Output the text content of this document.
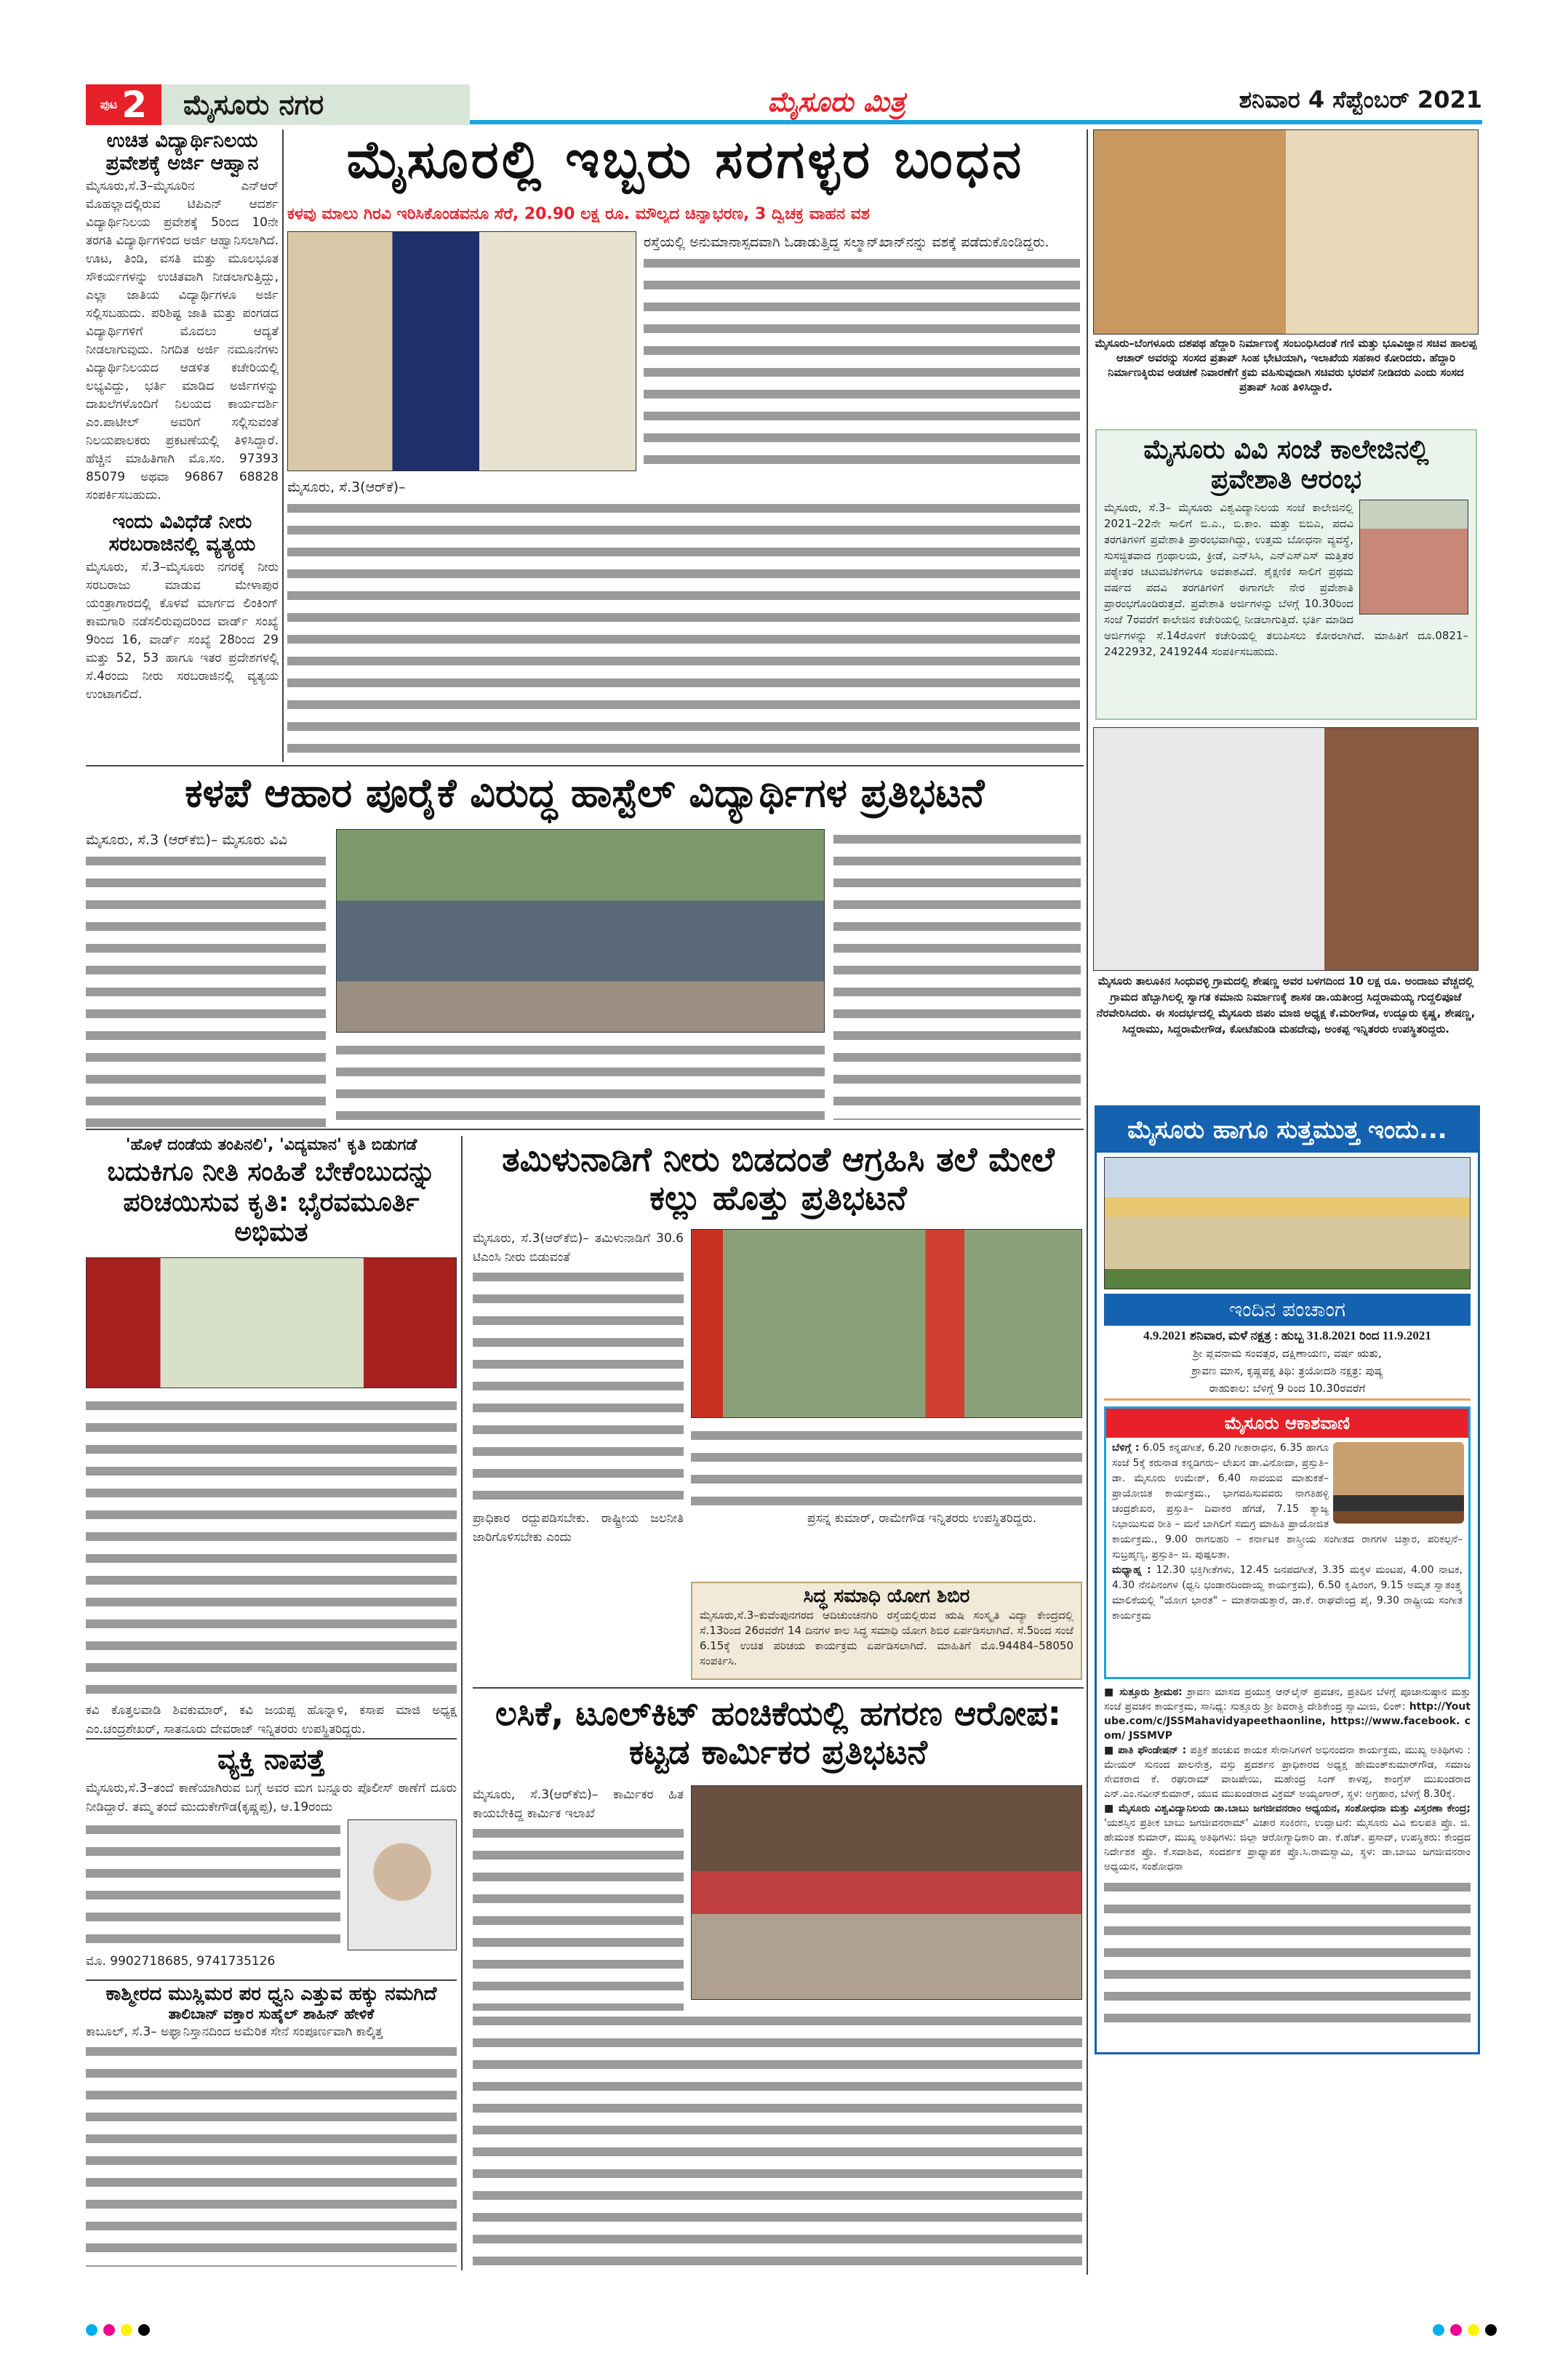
ಪುಟ 2 ಮೈಸೂರು ನಗರ	ಮೈಸೂರು ಮಿತ್ರ	ಶನಿವಾರ 4 ಸೆಪ್ಟೆಂಬರ್ 2021
ಉಚಿತ ವಿದ್ಯಾರ್ಥಿನಿಲಯ ಪ್ರವೇಶಕ್ಕೆ ಅರ್ಜಿ ಆಹ್ವಾನ
ಮೈಸೂರು,ಸೆ.3–ಮೈಸೂರಿನ ಎನ್‌ಆರ್ ಮೊಹಲ್ಲಾದಲ್ಲಿರುವ ಟಿಪಿಎನ್ ಆದರ್ಶ ವಿದ್ಯಾರ್ಥಿನಿಲಯ ಪ್ರವೇಶಕ್ಕೆ 5ರಿಂದ 10ನೇ ತರಗತಿ ವಿದ್ಯಾರ್ಥಿಗಳಿಂದ ಅರ್ಜಿ ಆಹ್ವಾನಿಸಲಾಗಿದೆ. ಊಟ, ತಿಂಡಿ, ವಸತಿ ಮತ್ತು ಮೂಲಭೂತ ಸೌಕರ್ಯಗಳನ್ನು ಉಚಿತವಾಗಿ ನೀಡಲಾಗುತ್ತಿದ್ದು, ಎಲ್ಲಾ ಜಾತಿಯ ವಿದ್ಯಾರ್ಥಿಗಳೂ ಅರ್ಜಿ ಸಲ್ಲಿಸಬಹುದು. ಪರಿಶಿಷ್ಟ ಜಾತಿ ಮತ್ತು ಪಂಗಡದ ವಿದ್ಯಾರ್ಥಿಗಳಿಗೆ ಮೊದಲು ಆದ್ಯತೆ ನೀಡಲಾಗುವುದು. ನಿಗದಿತ ಅರ್ಜಿ ನಮೂನೆಗಳು ವಿದ್ಯಾರ್ಥಿನಿಲಯದ ಆಡಳಿತ ಕಚೇರಿಯಲ್ಲಿ ಲಭ್ಯವಿದ್ದು, ಭರ್ತಿ ಮಾಡಿದ ಅರ್ಜಿಗಳನ್ನು ದಾಖಲೆಗಳೊಂದಿಗೆ ನಿಲಯದ ಕಾರ್ಯದರ್ಶಿ ಎಂ.ಪಾಟೀಲ್ ಅವರಿಗೆ ಸಲ್ಲಿಸುವಂತೆ ನಿಲಯಪಾಲಕರು ಪ್ರಕಟಣೆಯಲ್ಲಿ ತಿಳಿಸಿದ್ದಾರೆ. ಹೆಚ್ಚಿನ ಮಾಹಿತಿಗಾಗಿ ಮೊ.ಸಂ. 97393 85079 ಅಥವಾ 96867 68828 ಸಂಪರ್ಕಿಸಬಹುದು.
ಇಂದು ವಿವಿಧೆಡೆ ನೀರು ಸರಬರಾಜಿನಲ್ಲಿ ವ್ಯತ್ಯಯ
ಮೈಸೂರು, ಸೆ.3–ಮೈಸೂರು ನಗರಕ್ಕೆ ನೀರು ಸರಬರಾಜು ಮಾಡುವ ಮೇಳಾಪುರ ಯಂತ್ರಾಗಾರದಲ್ಲಿ ಕೊಳವೆ ಮಾರ್ಗದ ಲಿಂಕಿಂಗ್ ಕಾಮಗಾರಿ ನಡೆಸಲಿರುವುದರಿಂದ ವಾರ್ಡ್ ಸಂಖ್ಯೆ 9ರಿಂದ 16, ವಾರ್ಡ್ ಸಂಖ್ಯೆ 28ರಿಂದ 29 ಮತ್ತು 52, 53 ಹಾಗೂ ಇತರ ಪ್ರದೇಶಗಳಲ್ಲಿ ಸೆ.4ರಂದು ನೀರು ಸರಬರಾಜಿನಲ್ಲಿ ವ್ಯತ್ಯಯ ಉಂಟಾಗಲಿದೆ.
ಮೈಸೂರಲ್ಲಿ ಇಬ್ಬರು ಸರಗಳ್ಳರ ಬಂಧನ
ಕಳವು ಮಾಲು ಗಿರವಿ ಇರಿಸಿಕೊಂಡವನೂ ಸೆರೆ, 20.90 ಲಕ್ಷ ರೂ. ಮೌಲ್ಯದ ಚಿನ್ನಾಭರಣ, 3 ದ್ವಿಚಕ್ರ ವಾಹನ ವಶ
ರಸ್ತೆಯಲ್ಲಿ ಅನುಮಾನಾಸ್ಪದವಾಗಿ ಓಡಾಡುತ್ತಿದ್ದ ಸಲ್ಮಾನ್‌ಖಾನ್‌ನನ್ನು ವಶಕ್ಕೆ ಪಡೆದುಕೊಂಡಿದ್ದರು.
ಮೈಸೂರು, ಸೆ.3(ಆರ್‌ಕೆ)–
ಕಳಪೆ ಆಹಾರ ಪೂರೈಕೆ ವಿರುದ್ಧ ಹಾಸ್ಟೆಲ್ ವಿದ್ಯಾರ್ಥಿಗಳ ಪ್ರತಿಭಟನೆ
ಮೈಸೂರು, ಸೆ.3 (ಆರ್‌ಕೆಬಿ)– ಮೈಸೂರು ವಿವಿ
'ಹೊಳೆ ದಂಡೆಯ ತಂಪಿನಲಿ', 'ವಿದ್ಯಮಾನ' ಕೃತಿ ಬಿಡುಗಡೆ
ಬದುಕಿಗೂ ನೀತಿ ಸಂಹಿತೆ ಬೇಕೆಂಬುದನ್ನು ಪರಿಚಯಿಸುವ ಕೃತಿ: ಭೈರವಮೂರ್ತಿ ಅಭಿಮತ
ಕವಿ ಕೊತ್ತಲವಾಡಿ ಶಿವಕುಮಾರ್, ಕವಿ ಜಯಪ್ಪ ಹೊನ್ನಾಳಿ, ಕಸಾಪ ಮಾಜಿ ಅಧ್ಯಕ್ಷ ಎಂ.ಚಂದ್ರಶೇಖರ್, ಸಾತನೂರು ದೇವರಾಜ್ ಇನ್ನಿತರರು ಉಪಸ್ಥಿತರಿದ್ದರು.
ವ್ಯಕ್ತಿ ನಾಪತ್ತೆ
ಮೈಸೂರು,ಸೆ.3–ತಂದೆ ಕಾಣೆಯಾಗಿರುವ ಬಗ್ಗೆ ಅವರ ಮಗ ಬನ್ನೂರು ಪೊಲೀಸ್ ಠಾಣೆಗೆ ದೂರು ನೀಡಿದ್ದಾರೆ. ತಮ್ಮ ತಂದೆ ಮುದುಕೇಗೌಡ(ಕೃಷ್ಣಪ್ಪ), ಆ.19ರಂದು
ಮೊ. 9902718685, 9741735126
ಕಾಶ್ಮೀರದ ಮುಸ್ಲಿಮರ ಪರ ಧ್ವನಿ ಎತ್ತುವ ಹಕ್ಕು ನಮಗಿದೆ
ತಾಲಿಬಾನ್ ವಕ್ತಾರ ಸುಹೈಲ್ ಶಾಹಿನ್ ಹೇಳಿಕೆ
ಕಾಬೂಲ್, ಸೆ.3– ಅಫ್ಘಾನಿಸ್ತಾನದಿಂದ ಅಮೆರಿಕ ಸೇನೆ ಸಂಪೂರ್ಣವಾಗಿ ಕಾಲ್ಕಿತ್ತ
ತಮಿಳುನಾಡಿಗೆ ನೀರು ಬಿಡದಂತೆ ಆಗ್ರಹಿಸಿ ತಲೆ ಮೇಲೆ ಕಲ್ಲು ಹೊತ್ತು ಪ್ರತಿಭಟನೆ
ಮೈಸೂರು, ಸೆ.3(ಆರ್‌ಕೆಬಿ)– ತಮಿಳುನಾಡಿಗೆ 30.6 ಟಿಎಂಸಿ ನೀರು ಬಿಡುವಂತೆ
ಪ್ರಾಧಿಕಾರ ರದ್ದುಪಡಿಸಬೇಕು. ರಾಷ್ಟ್ರೀಯ ಜಲನೀತಿ ಜಾರಿಗೊಳಿಸಬೇಕು ಎಂದು
ಪ್ರಸನ್ನ ಕುಮಾರ್, ರಾಮೇಗೌಡ ಇನ್ನಿತರರು ಉಪಸ್ಥಿತರಿದ್ದರು.
ಸಿದ್ಧ ಸಮಾಧಿ ಯೋಗ ಶಿಬಿರ
ಮೈಸೂರು,ಸೆ.3–ಕುವೆಂಪುನಗರದ ಆದಿಚುಂಚನಗಿರಿ ರಸ್ತೆಯಲ್ಲಿರುವ ಋಷಿ ಸಂಸ್ಕೃತಿ ವಿದ್ಯಾ ಕೇಂದ್ರದಲ್ಲಿ ಸೆ.13ರಿಂದ 26ರವರೆಗೆ 14 ದಿನಗಳ ಕಾಲ ಸಿದ್ಧ ಸಮಾಧಿ ಯೋಗ ಶಿಬಿರ ಏರ್ಪಡಿಸಲಾಗಿದೆ. ಸೆ.5ರಿಂದ ಸಂಜೆ 6.15ಕ್ಕೆ ಉಚಿತ ಪರಿಚಯ ಕಾರ್ಯಕ್ರಮ ಏರ್ಪಡಿಸಲಾಗಿದೆ. ಮಾಹಿತಿಗೆ ಮೊ.94484–58050 ಸಂಪರ್ಕಿಸಿ.
ಲಸಿಕೆ, ಟೂಲ್‌ಕಿಟ್ ಹಂಚಿಕೆಯಲ್ಲಿ ಹಗರಣ ಆರೋಪ: ಕಟ್ಟಡ ಕಾರ್ಮಿಕರ ಪ್ರತಿಭಟನೆ
ಮೈಸೂರು, ಸೆ.3(ಆರ್‌ಕೆಬಿ)– ಕಾರ್ಮಿಕರ ಹಿತ ಕಾಯಬೇಕಿದ್ದ ಕಾರ್ಮಿಕ ಇಲಾಖೆ
ಮೈಸೂರು–ಬೆಂಗಳೂರು ದಶಪಥ ಹೆದ್ದಾರಿ ನಿರ್ಮಾಣಕ್ಕೆ ಸಂಬಂಧಿಸಿದಂತೆ ಗಣಿ ಮತ್ತು ಭೂವಿಜ್ಞಾನ ಸಚಿವ ಹಾಲಪ್ಪ ಆಚಾರ್ ಅವರನ್ನು ಸಂಸದ ಪ್ರತಾಪ್ ಸಿಂಹ ಭೇಟಿಯಾಗಿ, ಇಲಾಖೆಯ ಸಹಕಾರ ಕೋರಿದರು. ಹೆದ್ದಾರಿ ನಿರ್ಮಾಣಕ್ಕಿರುವ ಅಡಚಣೆ ನಿವಾರಣೆಗೆ ಕ್ರಮ ವಹಿಸುವುದಾಗಿ ಸಚಿವರು ಭರವಸೆ ನೀಡಿದರು ಎಂದು ಸಂಸದ ಪ್ರತಾಪ್ ಸಿಂಹ ತಿಳಿಸಿದ್ದಾರೆ.
ಮೈಸೂರು ವಿವಿ ಸಂಜೆ ಕಾಲೇಜಿನಲ್ಲಿ ಪ್ರವೇಶಾತಿ ಆರಂಭ
ಮೈಸೂರು, ಸೆ.3– ಮೈಸೂರು ವಿಶ್ವವಿದ್ಯಾನಿಲಯ ಸಂಜೆ ಕಾಲೇಜಿನಲ್ಲಿ 2021–22ನೇ ಸಾಲಿಗೆ ಬಿ.ಎ., ಬಿ.ಕಾಂ. ಮತ್ತು ಬಿಬಿಎ, ಪದವಿ ತರಗತಿಗಳಿಗೆ ಪ್ರವೇಶಾತಿ ಪ್ರಾರಂಭವಾಗಿದ್ದು, ಉತ್ತಮ ಬೋಧನಾ ವ್ಯವಸ್ಥೆ, ಸುಸಜ್ಜಿತವಾದ ಗ್ರಂಥಾಲಯ, ಕ್ರೀಡೆ, ಎನ್‌ಸಿಸಿ, ಎನ್‌ಎಸ್‌ಎಸ್ ಮತ್ತಿತರ ಪಠ್ಯೇತರ ಚಟುವಟಿಕೆಗಳಿಗೂ ಅವಕಾಶವಿದೆ. ಶೈಕ್ಷಣಿಕ ಸಾಲಿಗೆ ಪ್ರಥಮ ವರ್ಷದ ಪದವಿ ತರಗತಿಗಳಿಗೆ ಈಗಾಗಲೇ ನೇರ ಪ್ರವೇಶಾತಿ ಪ್ರಾರಂಭಗೊಂಡಿರುತ್ತದೆ. ಪ್ರವೇಶಾತಿ ಅರ್ಜಿಗಳನ್ನು ಬೆಳಗ್ಗೆ 10.30ರಿಂದ ಸಂಜೆ 7ರವರೆಗೆ ಕಾಲೇಜಿನ ಕಚೇರಿಯಲ್ಲಿ ನೀಡಲಾಗುತ್ತಿದೆ. ಭರ್ತಿ ಮಾಡಿದ ಅರ್ಜಿಗಳನ್ನು ಸೆ.14ರೊಳಗೆ ಕಚೇರಿಯಲ್ಲಿ ತಲುಪಿಸಲು ಕೋರಲಾಗಿದೆ. ಮಾಹಿತಿಗೆ ದೂ.0821–2422932, 2419244 ಸಂಪರ್ಕಿಸಬಹುದು.
ಮೈಸೂರು ತಾಲೂಕಿನ ಸಿಂಧುವಳ್ಳಿ ಗ್ರಾಮದಲ್ಲಿ ಶೇಷಣ್ಣ ಅವರ ಬಳಗದಿಂದ 10 ಲಕ್ಷ ರೂ. ಅಂದಾಜು ವೆಚ್ಚದಲ್ಲಿ ಗ್ರಾಮದ ಹೆಬ್ಬಾಗಿಲಲ್ಲಿ ಸ್ವಾಗತ ಕಮಾನು ನಿರ್ಮಾಣಕ್ಕೆ ಶಾಸಕ ಡಾ.ಯತೀಂದ್ರ ಸಿದ್ದರಾಮಯ್ಯ ಗುದ್ದಲಿಪೂಜೆ ನೆರವೇರಿಸಿದರು. ಈ ಸಂದರ್ಭದಲ್ಲಿ ಮೈಸೂರು ಜಿಪಂ ಮಾಜಿ ಅಧ್ಯಕ್ಷ ಕೆ.ಮರೀಗೌಡ, ಉದ್ಬೂರು ಕೃಷ್ಣ, ಶೇಷಣ್ಣ, ಸಿದ್ದರಾಮು, ಸಿದ್ದರಾಮೇಗೌಡ, ಕೋಟೆಹುಂಡಿ ಮಹದೇವು, ಅಂಕಪ್ಪ ಇನ್ನಿತರರು ಉಪಸ್ಥಿತರಿದ್ದರು.
ಮೈಸೂರು ಹಾಗೂ ಸುತ್ತಮುತ್ತ ಇಂದು...
ಇಂದಿನ ಪಂಚಾಂಗ
4.9.2021 ಶನಿವಾರ, ಮಳೆ ನಕ್ಷತ್ರ : ಹುಬ್ಬ 31.8.2021 ರಿಂದ 11.9.2021
ಶ್ರೀ ಪ್ಲವನಾಮ ಸಂವತ್ಸರ, ದಕ್ಷಿಣಾಯಣ, ವರ್ಷ ಋತು,
ಶ್ರಾವಣ ಮಾಸ, ಕೃಷ್ಣಪಕ್ಷ ತಿಥಿ: ತ್ರಯೋದಶಿ ನಕ್ಷತ್ರ: ಪುಷ್ಯ
ರಾಹುಕಾಲ: ಬೆಳಿಗ್ಗೆ 9 ರಿಂದ 10.30ರವರೆಗೆ
ಮೈಸೂರು ಆಕಾಶವಾಣಿ
ಬೆಳಿಗ್ಗೆ : 6.05 ಕನ್ನಡಗೀತೆ, 6.20 ಗೀತಾರಾಧನ, 6.35 ಹಾಗೂ ಸಂಜೆ 5ಕ್ಕೆ ಕರುನಾಡ ಕನ್ನಡಿಗರು– ಲೇಖನ ಡಾ.ವಿನೋದಾ, ಪ್ರಸ್ತುತಿ– ಡಾ. ಮೈಸೂರು ಉಮೇಶ್, 6.40 ಸಾವಯವ ಮಾತುಕತೆ– ಪ್ರಾಯೋಜಿತ ಕಾರ್ಯಕ್ರಮ., ಭಾಗವಹಿಸುವವರು ನಾಗತಿಹಳ್ಳಿ ಚಂದ್ರಶೇಖರ, ಪ್ರಸ್ತುತಿ– ದಿವಾಕರ ಹೆಗಡೆ, 7.15 ತ್ಯಾಜ್ಯ ನಿಭಾಯಿಸುವ ರೀತಿ – ಮನೆ ಬಾಗಿಲಿಗೆ ಸಮಗ್ರ ಮಾಹಿತಿ ಪ್ರಾಯೋಜಿತ ಕಾರ್ಯಕ್ರಮ., 9.00 ರಾಗಲಹರಿ – ಕರ್ನಾಟಕ ಶಾಸ್ತ್ರೀಯ ಸಂಗೀತದ ರಾಗಗಳ ಚಿತ್ತಾರ, ಪರಿಕಲ್ಪನೆ– ಸುಬ್ರಹ್ಮಣ್ಯ, ಪ್ರಸ್ತುತಿ– ಜಿ. ಪುಷ್ಪಲತಾ.
ಮಧ್ಯಾಹ್ನ : 12.30 ಭಕ್ತಿಗೀತೆಗಳು, 12.45 ಜನಪದಗೀತೆ, 3.35 ಮಕ್ಕಳ ಮಂಟಪ, 4.00 ನಾಟಕ, 4.30 ನೆನಪಿನಂಗಳ (ಧ್ವನಿ ಭಂಡಾರದಿಂದಾಯ್ದ ಕಾರ್ಯಕ್ರಮ), 6.50 ಕೃಷಿರಂಗ, 9.15 ಅಮೃತ ಸ್ವಾತಂತ್ರ್ಯ ಮಾಲಿಕೆಯಲ್ಲಿ "ಯೋಗ ಭಾರತ" – ಮಾತನಾಡುತ್ತಾರೆ, ಡಾ.ಕೆ. ರಾಘವೇಂದ್ರ ಪೈ, 9.30 ರಾಷ್ಟ್ರೀಯ ಸಂಗೀತ ಕಾರ್ಯಕ್ರಮ

■ ಸುತ್ತೂರು ಶ್ರೀಮಠ: ಶ್ರಾವಣ ಮಾಸದ ಪ್ರಯುಕ್ತ ಆನ್‌ಲೈನ್ ಪ್ರವಚನ, ಪ್ರತಿದಿನ ಬೆಳಗ್ಗೆ ಪೂಜಾನುಷ್ಠಾನ ಮತ್ತು ಸಂಜೆ ಪ್ರವಚನ ಕಾರ್ಯಕ್ರಮ, ಸಾನಿಧ್ಯ: ಸುತ್ತೂರು ಶ್ರೀ ಶಿವರಾತ್ರಿ ದೇಶಿಕೇಂದ್ರ ಸ್ವಾಮೀಜಿ, ಲಿಂಕ್: http://Youtube.com/c/JSSMahavidyapeethaonline, https://www.facebook. com/ JSSMVP

■ ಪಾತಿ ಫೌಂಡೇಷನ್ : ಪತ್ರಿಕೆ ಹಂಚುವ ಕಾಯಕ ಸೇನಾನಿಗಳಿಗೆ ಅಭಿನಂದನಾ ಕಾರ್ಯಕ್ರಮ, ಮುಖ್ಯ ಅತಿಥಿಗಳು : ಮೇಯರ್ ಸುನಂದ ಪಾಲನೇತ್ರ, ವಸ್ತು ಪ್ರದರ್ಶನ ಪ್ರಾಧಿಕಾರದ ಅಧ್ಯಕ್ಷ ಹೇಮಂತ್‌ಕುಮಾರ್‌ಗೌಡ, ಸಮಾಜ ಸೇವಕರಾದ ಕೆ. ರಘುರಾಮ್ ವಾಜಪೇಯಿ, ಮಹೇಂದ್ರ ಸಿಂಗ್ ಕಾಳಪ್ಪ, ಕಾಂಗ್ರೆಸ್ ಮುಖಂಡರಾದ ಎನ್.ಎಂ.ನವೀನ್‌ಕುಮಾರ್, ಯುವ ಮುಖಂಡರಾದ ವಿಕ್ರಮ್ ಅಯ್ಯಂಗಾರ್, ಸ್ಥಳ: ಅಗ್ರಹಾರ, ಬೆಳಗ್ಗೆ 8.30ಕ್ಕೆ.

■ ಮೈಸೂರು ವಿಶ್ವವಿದ್ಯಾನಿಲಯ ಡಾ.ಬಾಬು ಜಗಜೀವನರಾಂ ಅಧ್ಯಯನ, ಸಂಶೋಧನಾ ಮತ್ತು ವಿಸ್ತರಣಾ ಕೇಂದ್ರ; 'ಯಶಸ್ಸಿನ ಪ್ರತೀಕ ಬಾಬು ಜಗಜೀವನರಾಮ್' ವಿಚಾರ ಸಂಕಿರಣ, ಉದ್ಘಾಟನೆ: ಮೈಸೂರು ವಿವಿ ಕುಲಪತಿ ಪ್ರೊ. ಜಿ. ಹೇಮಂತ ಕುಮಾರ್, ಮುಖ್ಯ ಅತಿಥಿಗಳು: ಜಿಲ್ಲಾ ಆರೋಗ್ಯಾಧಿಕಾರಿ ಡಾ. ಕೆ.ಹೆಚ್. ಪ್ರಸಾದ್, ಉಪಸ್ಥಿತರು: ಕೇಂದ್ರದ ನಿರ್ದೇಶಕ ಪ್ರೊ. ಕೆ.ಸದಾಶಿವ, ಸಂದರ್ಶಕ ಪ್ರಾಧ್ಯಾಪಕ ಪ್ರೊ.ಸಿ.ರಾಮಸ್ವಾಮಿ, ಸ್ಥಳ: ಡಾ.ಬಾಬು ಜಗಜೀವನರಾಂ ಅಧ್ಯಯನ, ಸಂಶೋಧನಾ
